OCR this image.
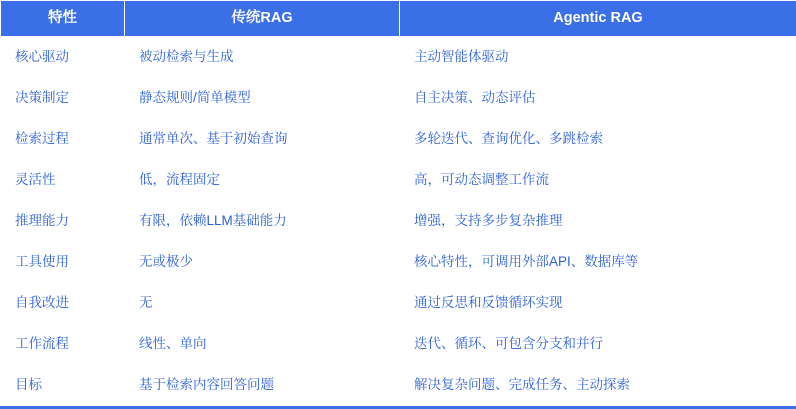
特性	传统RAG	Agentic RAG
核心驱动	被动检索与生成	主动智能体驱动
决策制定	静态规则/简单模型	自主决策、动态评估
检索过程	通常单次、基于初始查询	多轮迭代、查询优化、多跳检索
灵活性	低，流程固定	高，可动态调整工作流
推理能力	有限，依赖LLM基础能力	增强，支持多步复杂推理
工具使用	无或极少	核心特性，可调用外部API、数据库等
自我改进	无	通过反思和反馈循环实现
工作流程	线性、单向	迭代、循环、可包含分支和并行
目标	基于检索内容回答问题	解决复杂问题、完成任务、主动探索
